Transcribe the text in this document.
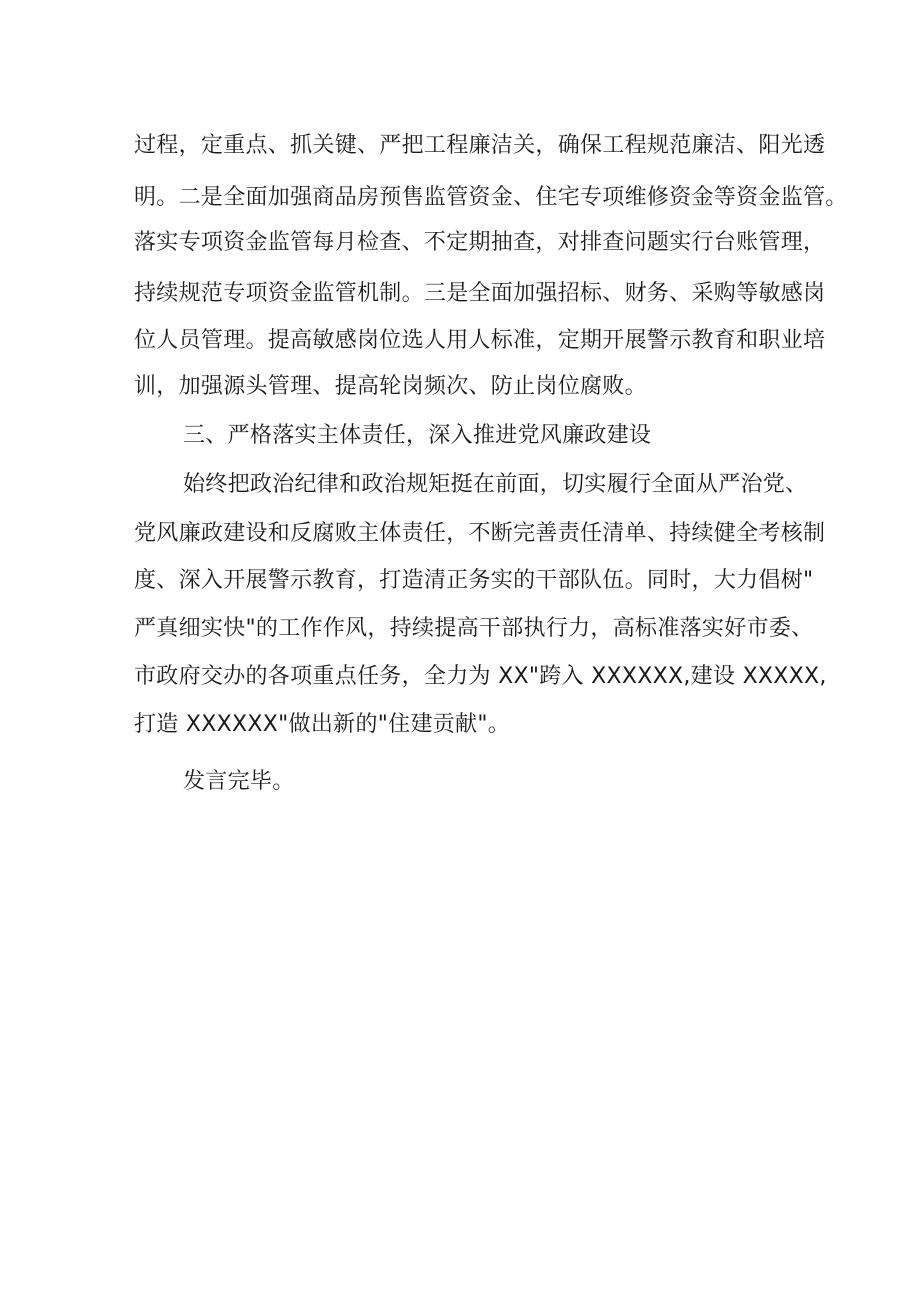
过程，定重点、抓关键、严把工程廉洁关，确保工程规范廉洁、阳光透
明。二是全面加强商品房预售监管资金、住宅专项维修资金等资金监管。
落实专项资金监管每月检查、不定期抽查，对排查问题实行台账管理，
持续规范专项资金监管机制。三是全面加强招标、财务、采购等敏感岗
位人员管理。提高敏感岗位选人用人标准，定期开展警示教育和职业培
训，加强源头管理、提高轮岗频次、防止岗位腐败。
三、严格落实主体责任，深入推进党风廉政建设
始终把政治纪律和政治规矩挺在前面，切实履行全面从严治党、
党风廉政建设和反腐败主体责任，不断完善责任清单、持续健全考核制
度、深入开展警示教育，打造清正务实的干部队伍。同时，大力倡树"
严真细实快"的工作作风，持续提高干部执行力，高标准落实好市委、
市政府交办的各项重点任务，全力为 XX"跨入 XXXXXX,建设 XXXXX,
打造 XXXXXX"做出新的"住建贡献"。
发言完毕。
